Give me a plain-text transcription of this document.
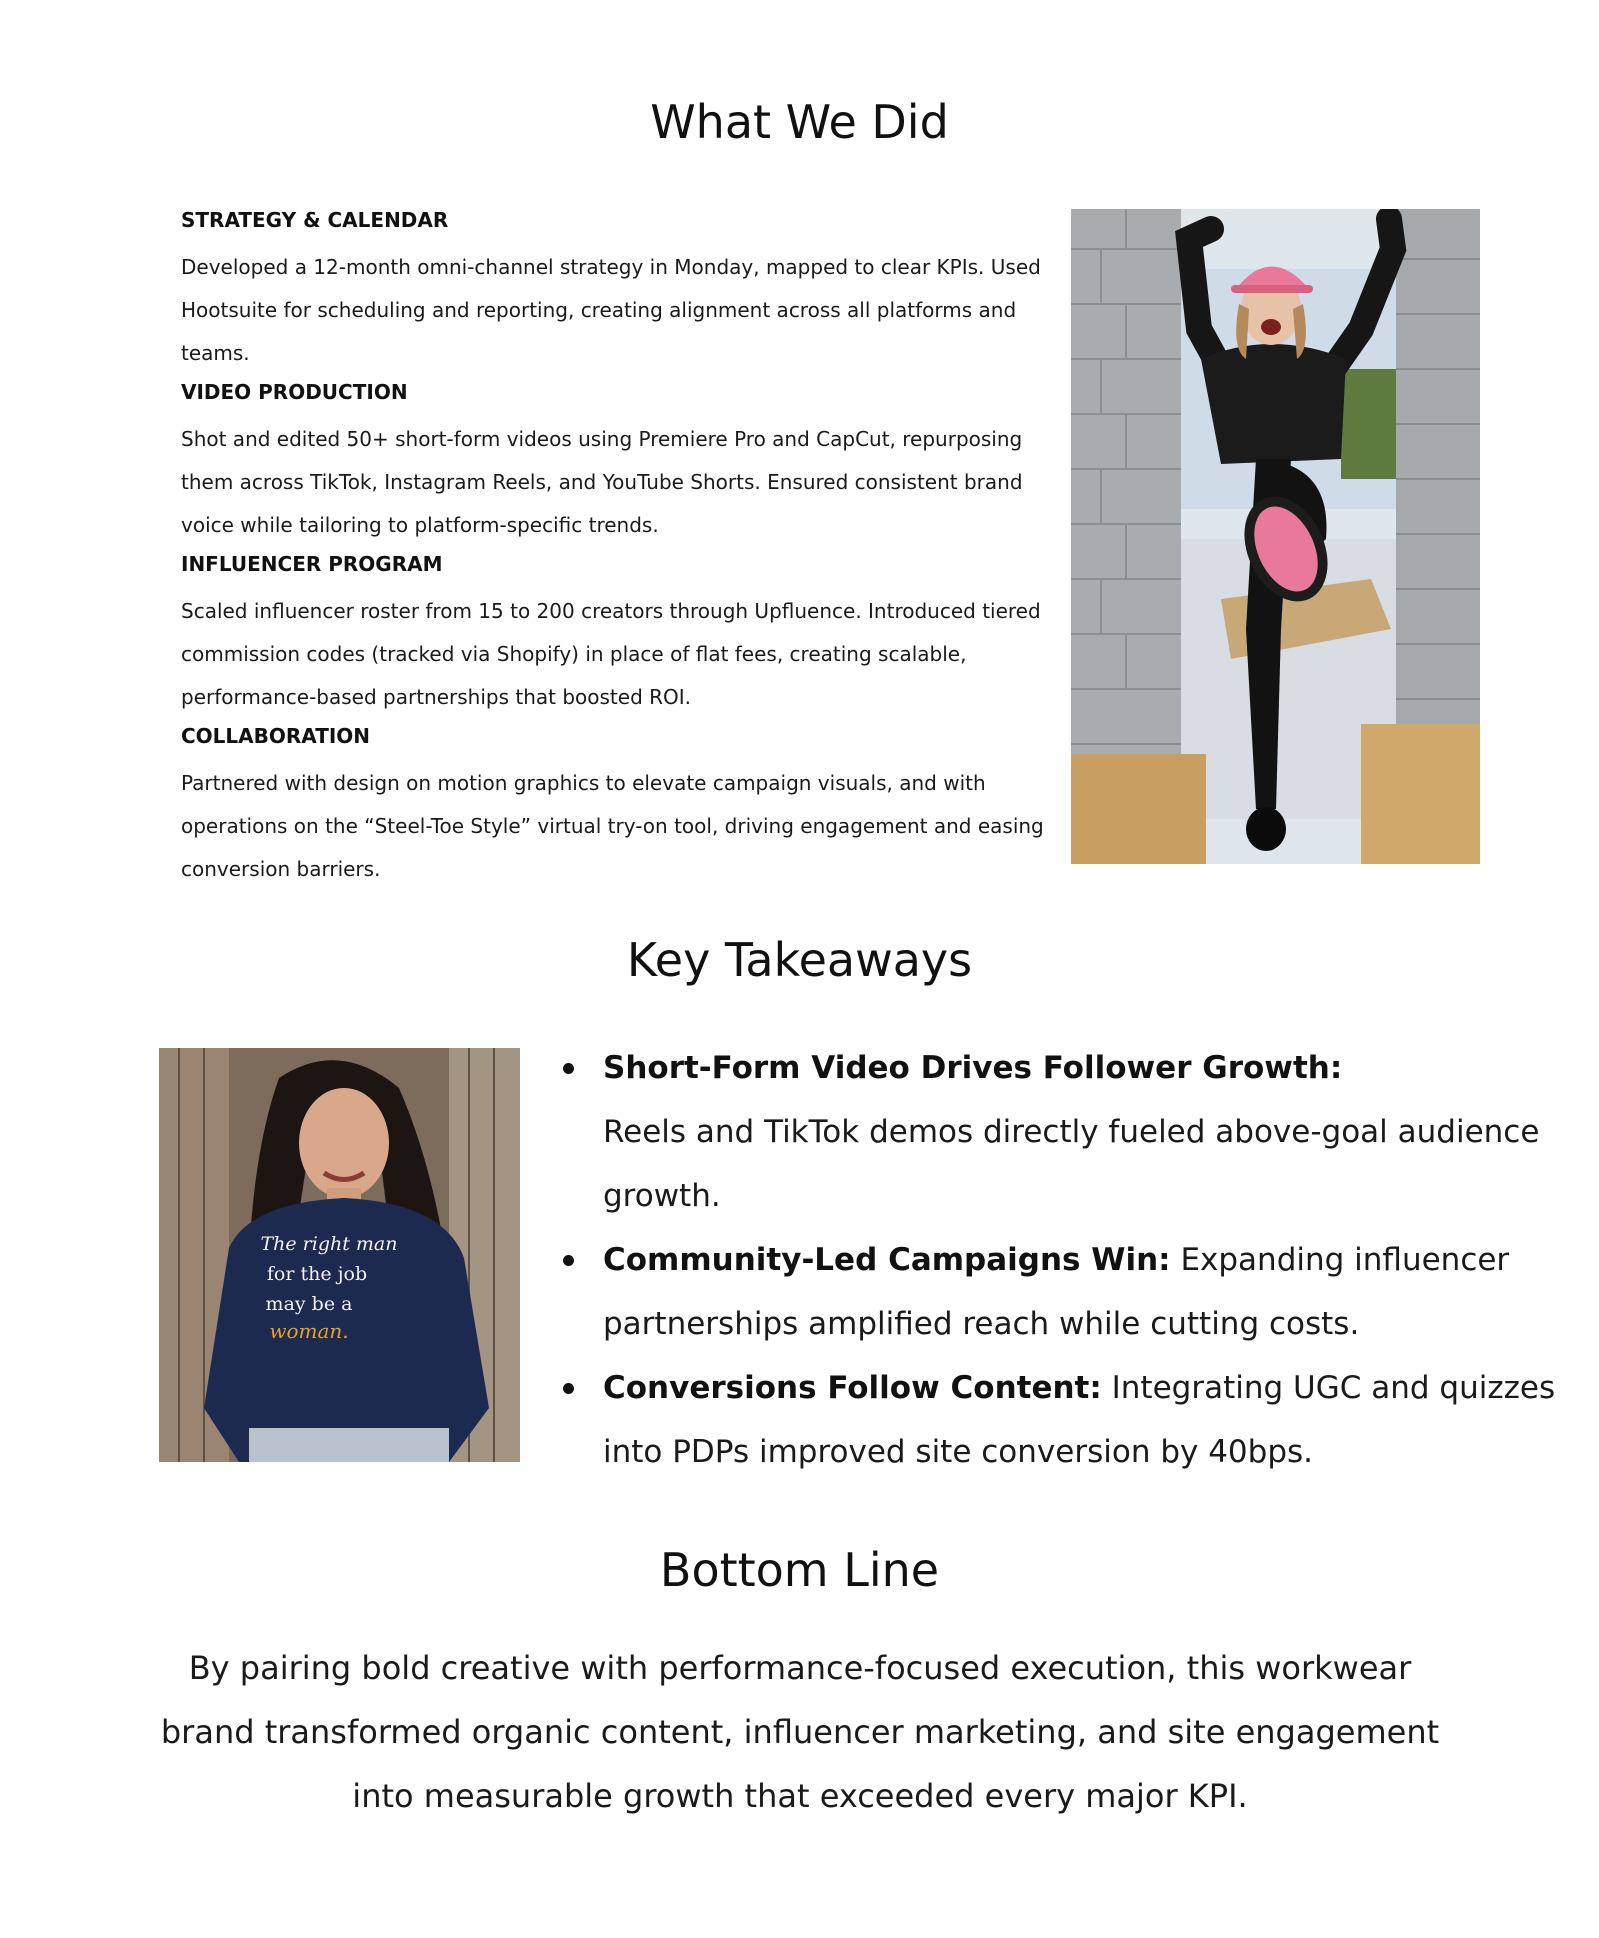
What We Did

STRATEGY & CALENDAR

Developed a 12-month omni-channel strategy in Monday, mapped to clear KPIs. Used Hootsuite for scheduling and reporting, creating alignment across all platforms and teams.

VIDEO PRODUCTION

Shot and edited 50+ short-form videos using Premiere Pro and CapCut, repurposing them across TikTok, Instagram Reels, and YouTube Shorts. Ensured consistent brand voice while tailoring to platform-specific trends.

INFLUENCER PROGRAM

Scaled influencer roster from 15 to 200 creators through Upfluence. Introduced tiered commission codes (tracked via Shopify) in place of flat fees, creating scalable, performance-based partnerships that boosted ROI.

COLLABORATION

Partnered with design on motion graphics to elevate campaign visuals, and with operations on the “Steel-Toe Style” virtual try-on tool, driving engagement and easing conversion barriers.

Key Takeaways
The right man
for the job
may be a
woman.
Short-Form Video Drives Follower Growth:
Reels and TikTok demos directly fueled above-goal audience growth.
Community-Led Campaigns Win: Expanding influencer partnerships amplified reach while cutting costs.
Conversions Follow Content: Integrating UGC and quizzes into PDPs improved site conversion by 40bps.
Bottom Line

By pairing bold creative with performance-focused execution, this workwear brand transformed organic content, influencer marketing, and site engagement into measurable growth that exceeded every major KPI.
